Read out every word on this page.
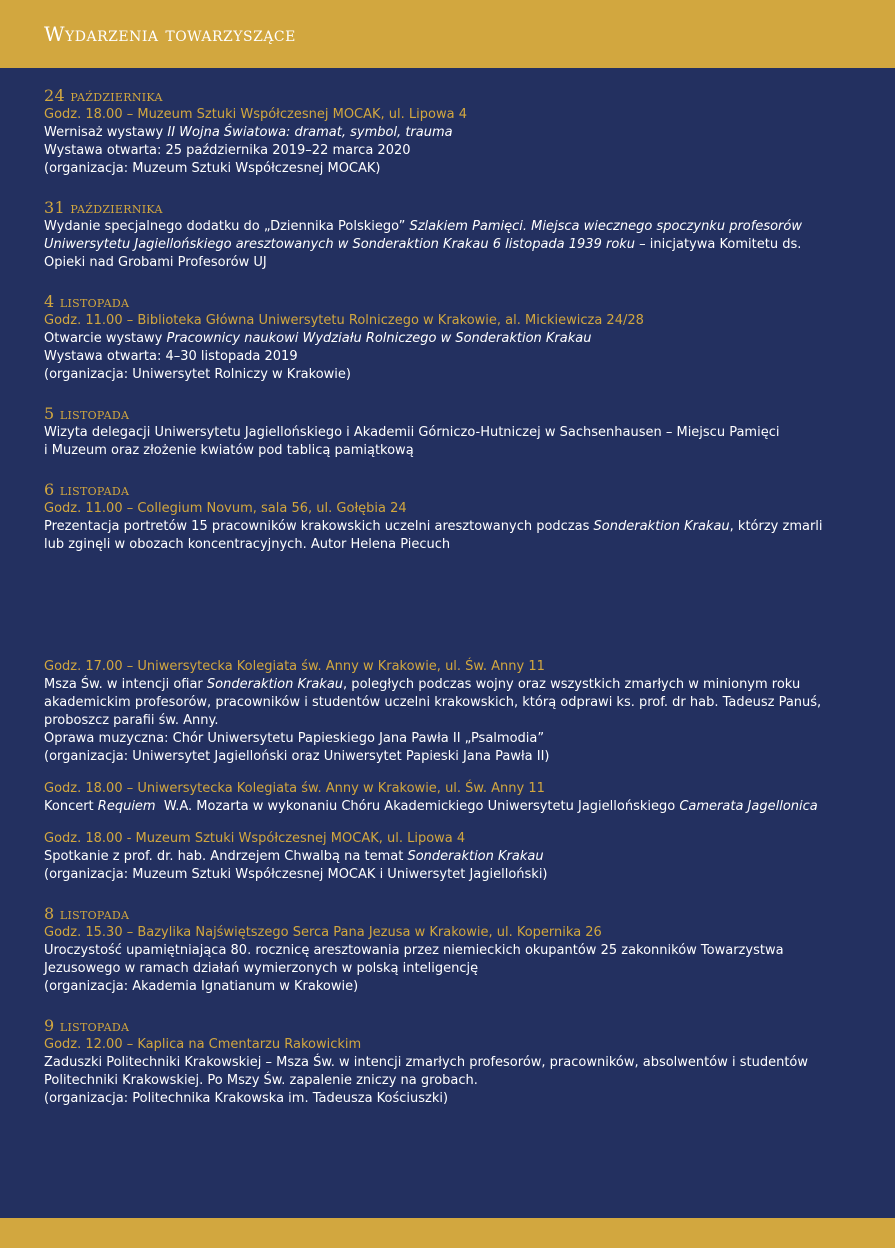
Wydarzenia towarzyszące

24 października

Godz. 18.00 – Muzeum Sztuki Współczesnej MOCAK, ul. Lipowa 4

Wernisaż wystawy II Wojna Światowa: dramat, symbol, trauma

Wystawa otwarta: 25 października 2019–22 marca 2020

(organizacja: Muzeum Sztuki Współczesnej MOCAK)

31 października

Wydanie specjalnego dodatku do „Dziennika Polskiego” Szlakiem Pamięci. Miejsca wiecznego spoczynku profesorów

Uniwersytetu Jagiellońskiego aresztowanych w Sonderaktion Krakau 6 listopada 1939 roku – inicjatywa Komitetu ds.

Opieki nad Grobami Profesorów UJ

4 listopada

Godz. 11.00 – Biblioteka Główna Uniwersytetu Rolniczego w Krakowie, al. Mickiewicza 24/28

Otwarcie wystawy Pracownicy naukowi Wydziału Rolniczego w Sonderaktion Krakau

Wystawa otwarta: 4–30 listopada 2019

(organizacja: Uniwersytet Rolniczy w Krakowie)

5 listopada

Wizyta delegacji Uniwersytetu Jagiellońskiego i Akademii Górniczo-Hutniczej w Sachsenhausen – Miejscu Pamięci

i Muzeum oraz złożenie kwiatów pod tablicą pamiątkową

6 listopada

Godz. 11.00 – Collegium Novum, sala 56, ul. Gołębia 24

Prezentacja portretów 15 pracowników krakowskich uczelni aresztowanych podczas Sonderaktion Krakau, którzy zmarli

lub zginęli w obozach koncentracyjnych. Autor Helena Piecuch

Godz. 17.00 – Uniwersytecka Kolegiata św. Anny w Krakowie, ul. Św. Anny 11

Msza Św. w intencji ofiar Sonderaktion Krakau, poległych podczas wojny oraz wszystkich zmarłych w minionym roku

akademickim profesorów, pracowników i studentów uczelni krakowskich, którą odprawi ks. prof. dr hab. Tadeusz Panuś,

proboszcz parafii św. Anny.

Oprawa muzyczna: Chór Uniwersytetu Papieskiego Jana Pawła II „Psalmodia”

(organizacja: Uniwersytet Jagielloński oraz Uniwersytet Papieski Jana Pawła II)

Godz. 18.00 – Uniwersytecka Kolegiata św. Anny w Krakowie, ul. Św. Anny 11

Koncert Requiem  W.A. Mozarta w wykonaniu Chóru Akademickiego Uniwersytetu Jagiellońskiego Camerata Jagellonica

Godz. 18.00 - Muzeum Sztuki Współczesnej MOCAK, ul. Lipowa 4

Spotkanie z prof. dr. hab. Andrzejem Chwalbą na temat Sonderaktion Krakau

(organizacja: Muzeum Sztuki Współczesnej MOCAK i Uniwersytet Jagielloński)

8 listopada

Godz. 15.30 – Bazylika Najświętszego Serca Pana Jezusa w Krakowie, ul. Kopernika 26

Uroczystość upamiętniająca 80. rocznicę aresztowania przez niemieckich okupantów 25 zakonników Towarzystwa

Jezusowego w ramach działań wymierzonych w polską inteligencję

(organizacja: Akademia Ignatianum w Krakowie)

9 listopada

Godz. 12.00 – Kaplica na Cmentarzu Rakowickim

Zaduszki Politechniki Krakowskiej – Msza Św. w intencji zmarłych profesorów, pracowników, absolwentów i studentów

Politechniki Krakowskiej. Po Mszy Św. zapalenie zniczy na grobach.

(organizacja: Politechnika Krakowska im. Tadeusza Kościuszki)
